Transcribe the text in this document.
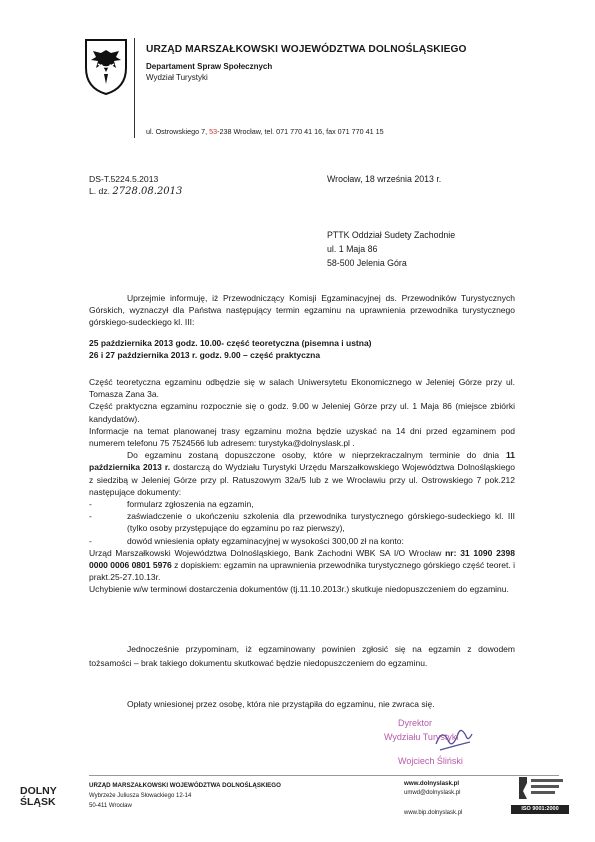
URZĄD MARSZAŁKOWSKI WOJEWÓDZTWA DOLNOŚLĄSKIEGO
Departament Spraw Społecznych
Wydział Turystyki
ul. Ostrowskiego 7, 53-238 Wrocław, tel. 071 770 41 16, fax 071 770 41 15
DS-T.5224.5.2013
L. dz. 2728.08.2013
Wrocław, 18 września 2013 r.
PTTK Oddział Sudety Zachodnie
ul. 1 Maja 86
58-500 Jelenia Góra

Uprzejmie informuję, iż Przewodniczący Komisji Egzaminacyjnej ds. Przewodników Turystycznych Górskich, wyznaczył dla Państwa następujący termin egzaminu na uprawnienia przewodnika turystycznego górskiego-sudeckiego kl. III:

25 października 2013 godz. 10.00- część teoretyczna (pisemna i ustna)

26 i 27 października 2013 r. godz. 9.00 – część praktyczna

Część teoretyczna egzaminu odbędzie się w salach Uniwersytetu Ekonomicznego w Jeleniej Górze przy ul. Tomasza Zana 3a.

Część praktyczna egzaminu rozpocznie się o godz. 9.00 w Jeleniej Górze przy ul. 1 Maja 86 (miejsce zbiórki kandydatów).

Informacje na temat planowanej trasy egzaminu można będzie uzyskać na 14 dni przed egzaminem pod numerem telefonu 75 7524566 lub adresem: turystyka@dolnyslask.pl .

Do egzaminu zostaną dopuszczone osoby, które w nieprzekraczalnym terminie do dnia 11 października 2013 r. dostarczą do Wydziału Turystyki Urzędu Marszałkowskiego Województwa Dolnośląskiego z siedzibą w Jeleniej Górze przy pl. Ratuszowym 32a/5 lub z we Wrocławiu przy ul. Ostrowskiego 7 pok.212 następujące dokumenty:

-	formularz zgłoszenia na egzamin,
-	zaświadczenie o ukończeniu szkolenia dla przewodnika turystycznego górskiego-sudeckiego kl. III (tylko osoby przystępujące do egzaminu po raz pierwszy),
-	dowód wniesienia opłaty egzaminacyjnej w wysokości 300,00 zł na konto:

Urząd Marszałkowski Województwa Dolnośląskiego, Bank Zachodni WBK SA I/O Wrocław nr: 31 1090 2398 0000 0006 0801 5976 z dopiskiem: egzamin na uprawnienia przewodnika turystycznego górskiego część teoret. i prakt.25-27.10.13r.

Uchybienie w/w terminowi dostarczenia dokumentów (tj.11.10.2013r.) skutkuje niedopuszczeniem do egzaminu.

Jednocześnie przypominam, iż egzaminowany powinien zgłosić się na egzamin z dowodem tożsamości – brak takiego dokumentu skutkować będzie niedopuszczeniem do egzaminu.

Opłaty wniesionej przez osobę, która nie przystąpiła do egzaminu, nie zwraca się.

Dyrektor
Wydziału Turystyki
Wojciech Śliński
DOLNY
ŚLĄSK
URZĄD MARSZAŁKOWSKI WOJEWÓDZTWA DOLNOŚLĄSKIEGO
Wybrzeże Juliusza Słowackiego 12-14
50-411 Wrocław
www.dolnyslask.pl
umwd@dolnyslask.pl
www.bip.dolnyslask.pl
ISO 9001:2000
